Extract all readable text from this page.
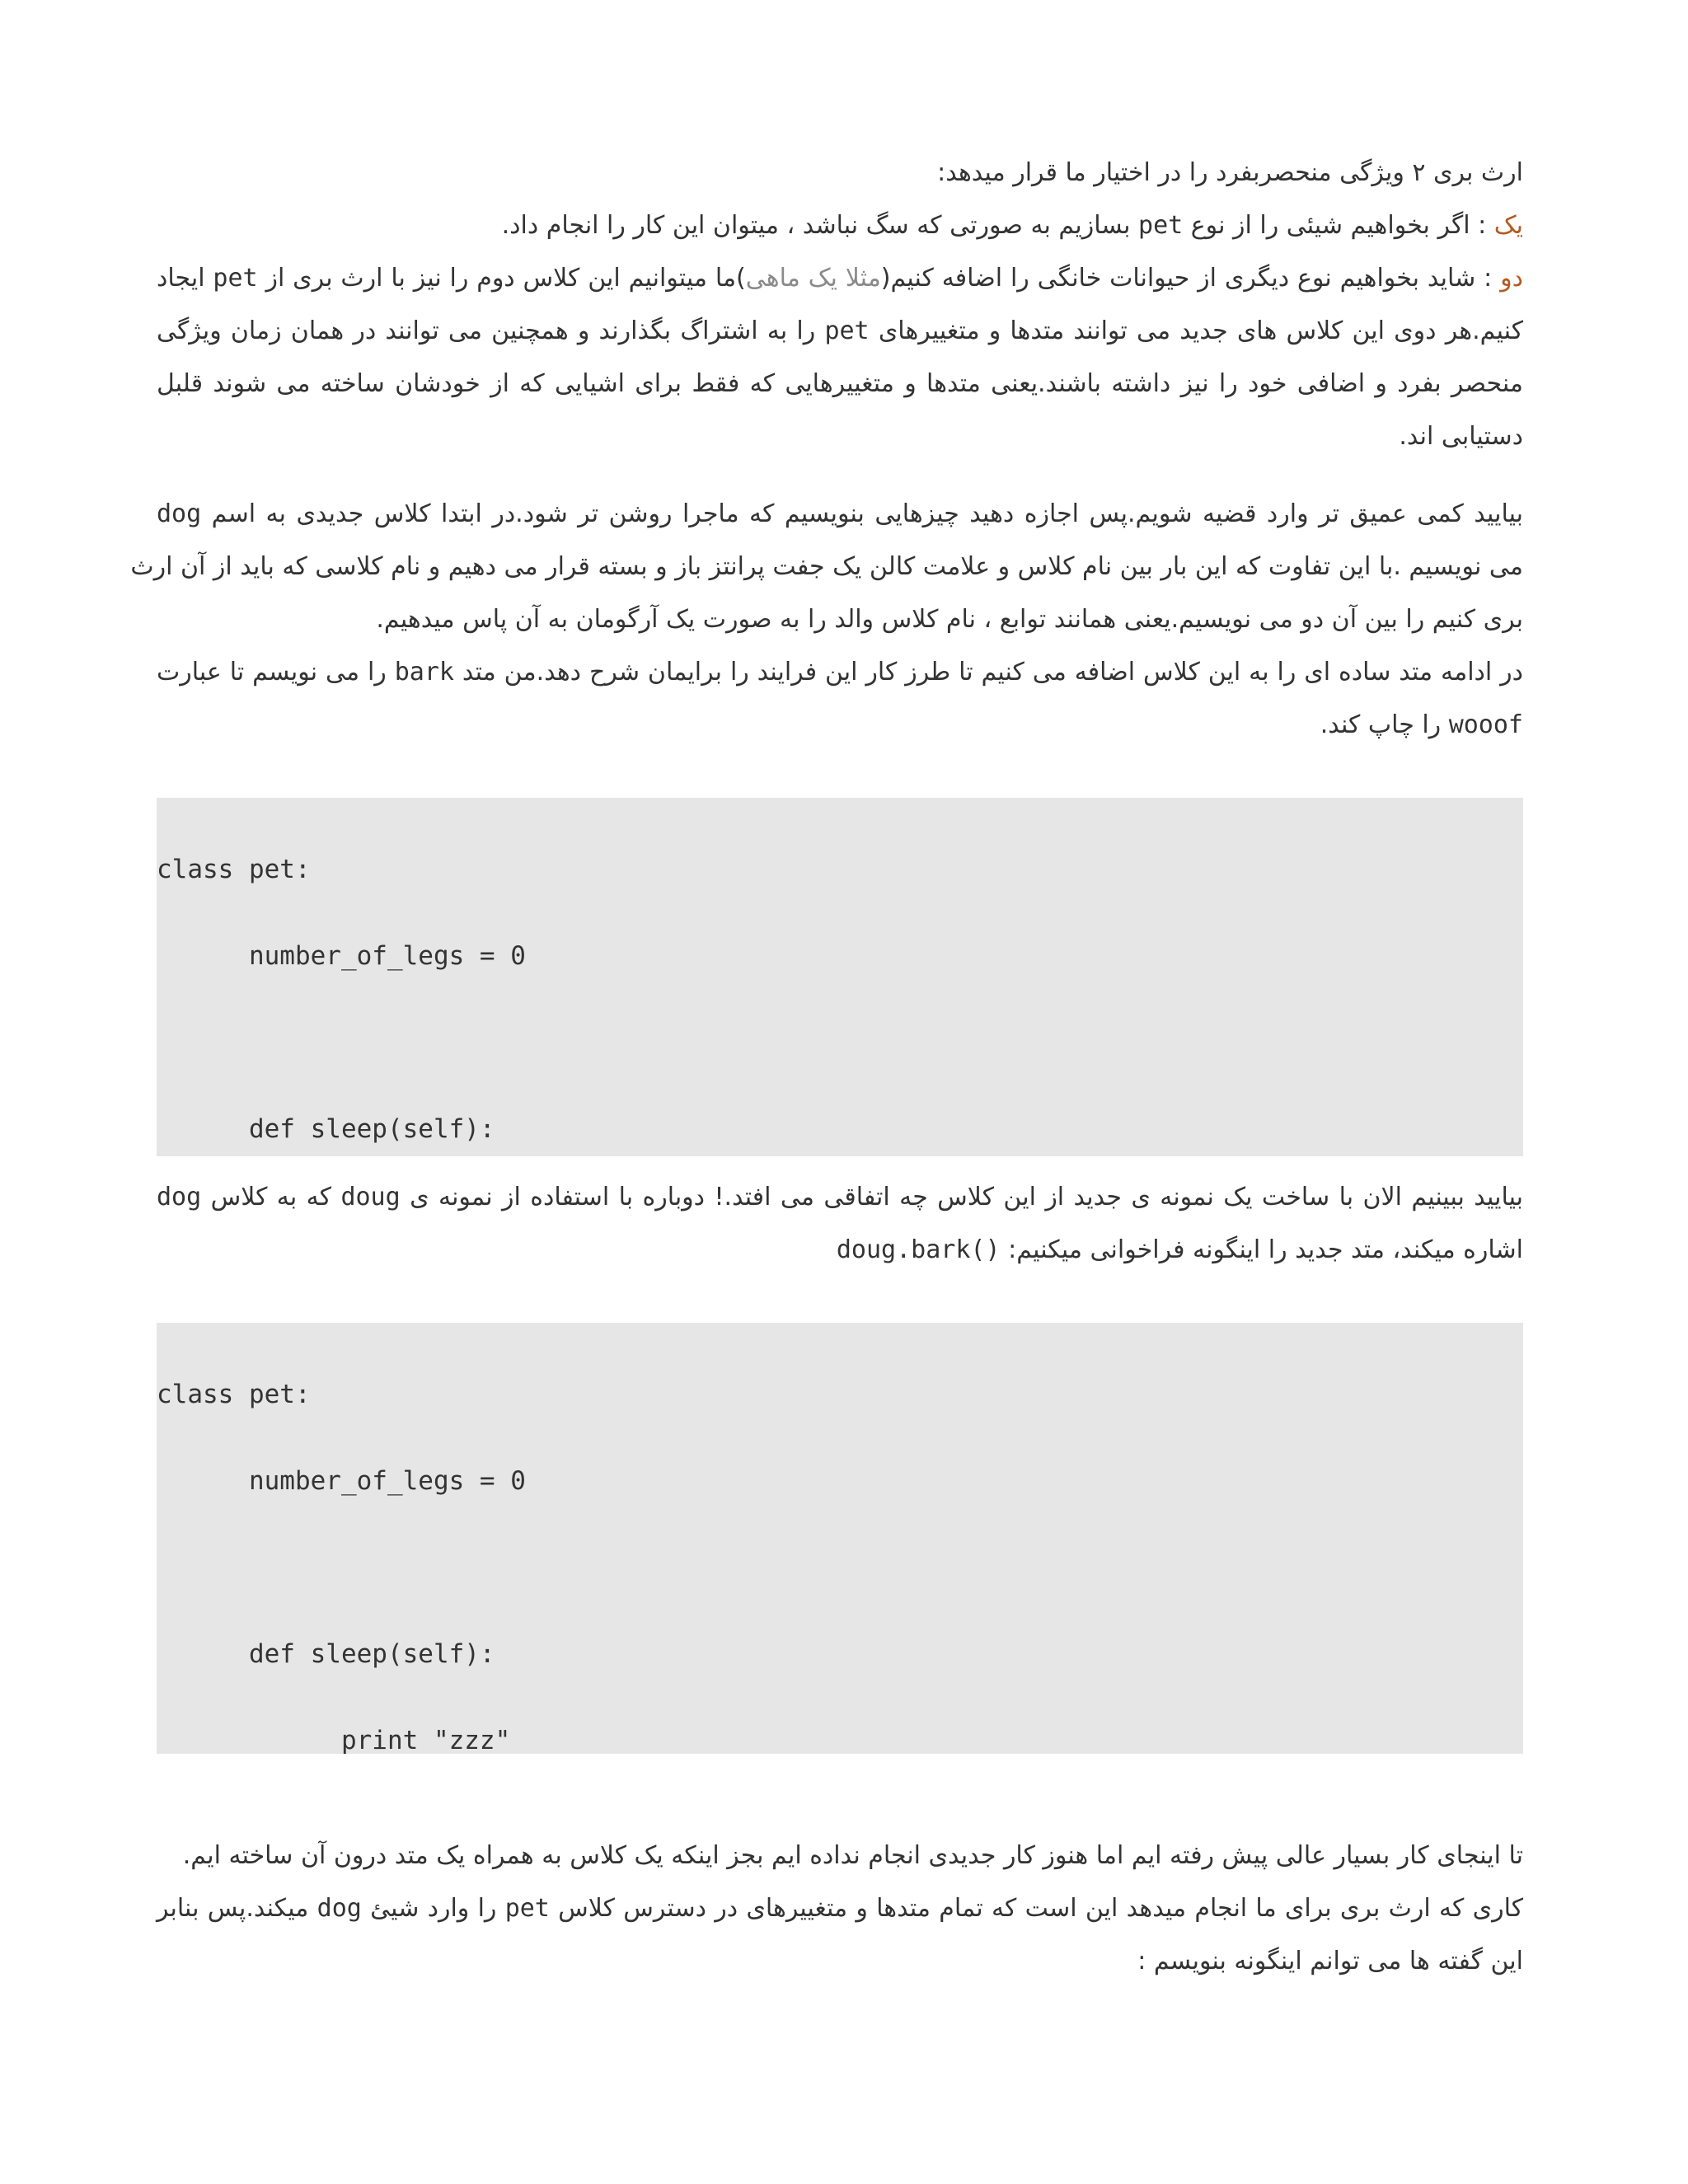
ارث بری ۲ ویژگی منحصربفرد را در اختیار ما قرار میدهد:
یک : اگر بخواهیم شیئی را از نوع pet بسازیم به صورتی که سگ نباشد ، میتوان این کار را انجام داد.
دو : شاید بخواهیم نوع دیگری از حیوانات خانگی را اضافه کنیم(مثلا یک ماهی)ما میتوانیم این کلاس دوم را نیز با ارث بری از pet ایجاد
کنیم.هر دوی این کلاس های جدید می توانند متدها و متغییرهای pet را به اشتراگ بگذارند و همچنین می توانند در همان زمان ویژگی
منحصر بفرد و اضافی خود را نیز داشته باشند.یعنی متدها و متغییرهایی که فقط برای اشیایی که از خودشان ساخته می شوند قلبل
دستیابی اند.
بیایید کمی عمیق تر وارد قضیه شویم.پس اجازه دهید چیزهایی بنویسیم که ماجرا روشن تر شود.در ابتدا کلاس جدیدی به اسم dog
می نویسیم .با این تفاوت که این بار بین نام کلاس و علامت کالن یک جفت پرانتز باز و بسته قرار می دهیم و نام کلاسی که باید از آن ارث
بری کنیم را بین آن دو می نویسیم.یعنی همانند توابع ، نام کلاس والد را به صورت یک آرگومان به آن پاس میدهیم.
در ادامه متد ساده ای را به این کلاس اضافه می کنیم تا طرز کار این فرایند را برایمان شرح دهد.من متد bark را می نویسم تا عبارت
wooof را چاپ کند.

class pet:

number_of_legs = 0

def sleep(self):

بیایید ببینیم الان با ساخت یک نمونه ی جدید از این کلاس چه اتفاقی می افتد.! دوباره با استفاده از نمونه ی doug که به کلاس dog
اشاره میکند، متد جدید را اینگونه فراخوانی میکنیم: doug.bark()

class pet:

number_of_legs = 0

def sleep(self):

print "zzz"

تا اینجای کار بسیار عالی پیش رفته ایم اما هنوز کار جدیدی انجام نداده ایم بجز اینکه یک کلاس به همراه یک متد درون آن ساخته ایم.
کاری که ارث بری برای ما انجام میدهد این است که تمام متدها و متغییرهای در دسترس کلاس pet را وارد شیئ dog میکند.پس بنابر
این گفته ها می توانم اینگونه بنویسم :
